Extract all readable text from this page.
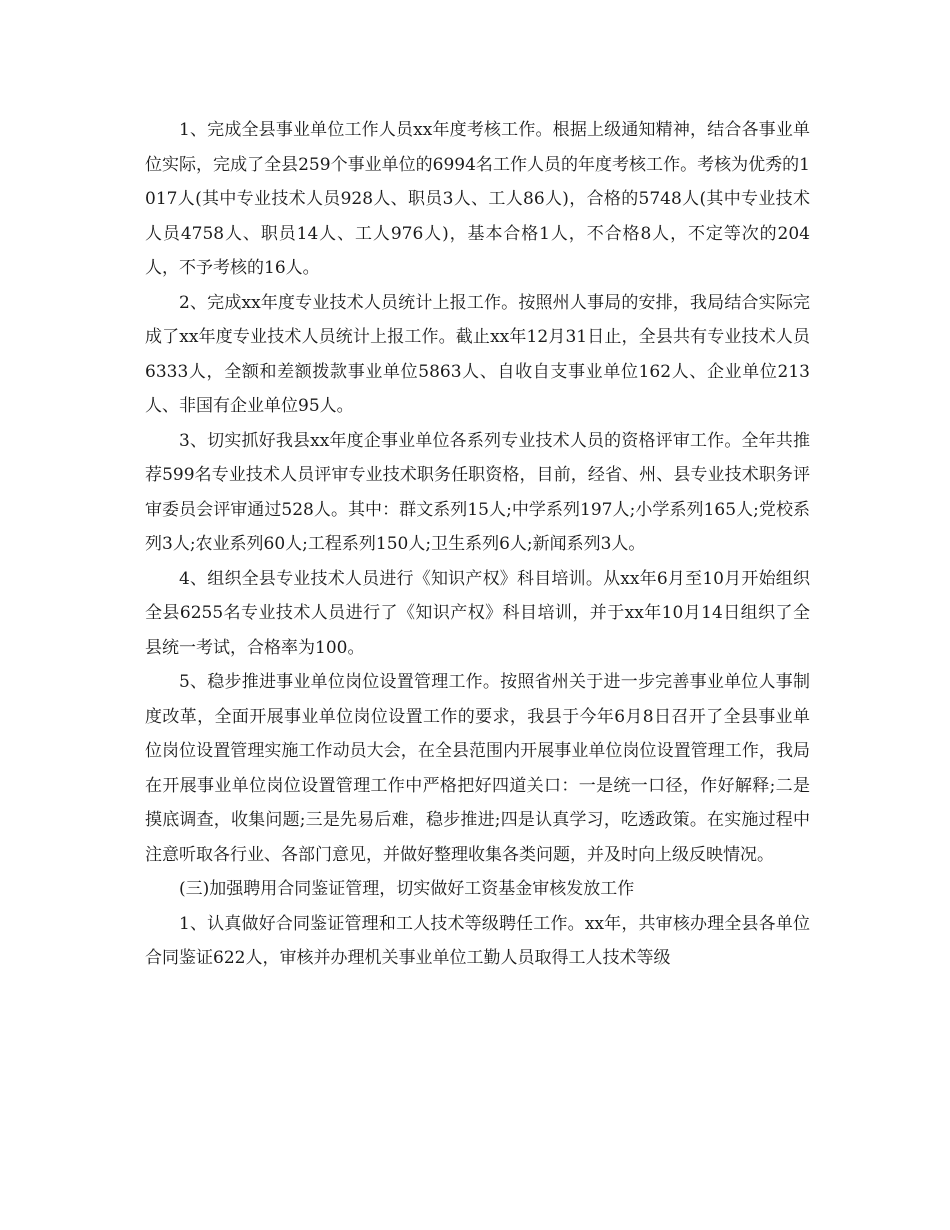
1、完成全县事业单位工作人员xx年度考核工作。根据上级通知精神，结合各事业单位实际，完成了全县259个事业单位的6994名工作人员的年度考核工作。考核为优秀的1017人(其中专业技术人员928人、职员3人、工人86人)，合格的5748人(其中专业技术人员4758人、职员14人、工人976人)，基本合格1人，不合格8人，不定等次的204人，不予考核的16人。

2、完成xx年度专业技术人员统计上报工作。按照州人事局的安排，我局结合实际完成了xx年度专业技术人员统计上报工作。截止xx年12月31日止，全县共有专业技术人员6333人，全额和差额拨款事业单位5863人、自收自支事业单位162人、企业单位213人、非国有企业单位95人。

3、切实抓好我县xx年度企事业单位各系列专业技术人员的资格评审工作。全年共推荐599名专业技术人员评审专业技术职务任职资格，目前，经省、州、县专业技术职务评审委员会评审通过528人。其中：群文系列15人;中学系列197人;小学系列165人;党校系列3人;农业系列60人;工程系列150人;卫生系列6人;新闻系列3人。

4、组织全县专业技术人员进行《知识产权》科目培训。从xx年6月至10月开始组织全县6255名专业技术人员进行了《知识产权》科目培训，并于xx年10月14日组织了全县统一考试，合格率为100。

5、稳步推进事业单位岗位设置管理工作。按照省州关于进一步完善事业单位人事制度改革，全面开展事业单位岗位设置工作的要求，我县于今年6月8日召开了全县事业单位岗位设置管理实施工作动员大会，在全县范围内开展事业单位岗位设置管理工作，我局在开展事业单位岗位设置管理工作中严格把好四道关口：一是统一口径，作好解释;二是摸底调查，收集问题;三是先易后难，稳步推进;四是认真学习，吃透政策。在实施过程中注意听取各行业、各部门意见，并做好整理收集各类问题，并及时向上级反映情况。

(三)加强聘用合同鉴证管理，切实做好工资基金审核发放工作

1、认真做好合同鉴证管理和工人技术等级聘任工作。xx年，共审核办理全县各单位合同鉴证622人，审核并办理机关事业单位工勤人员取得工人技术等级
